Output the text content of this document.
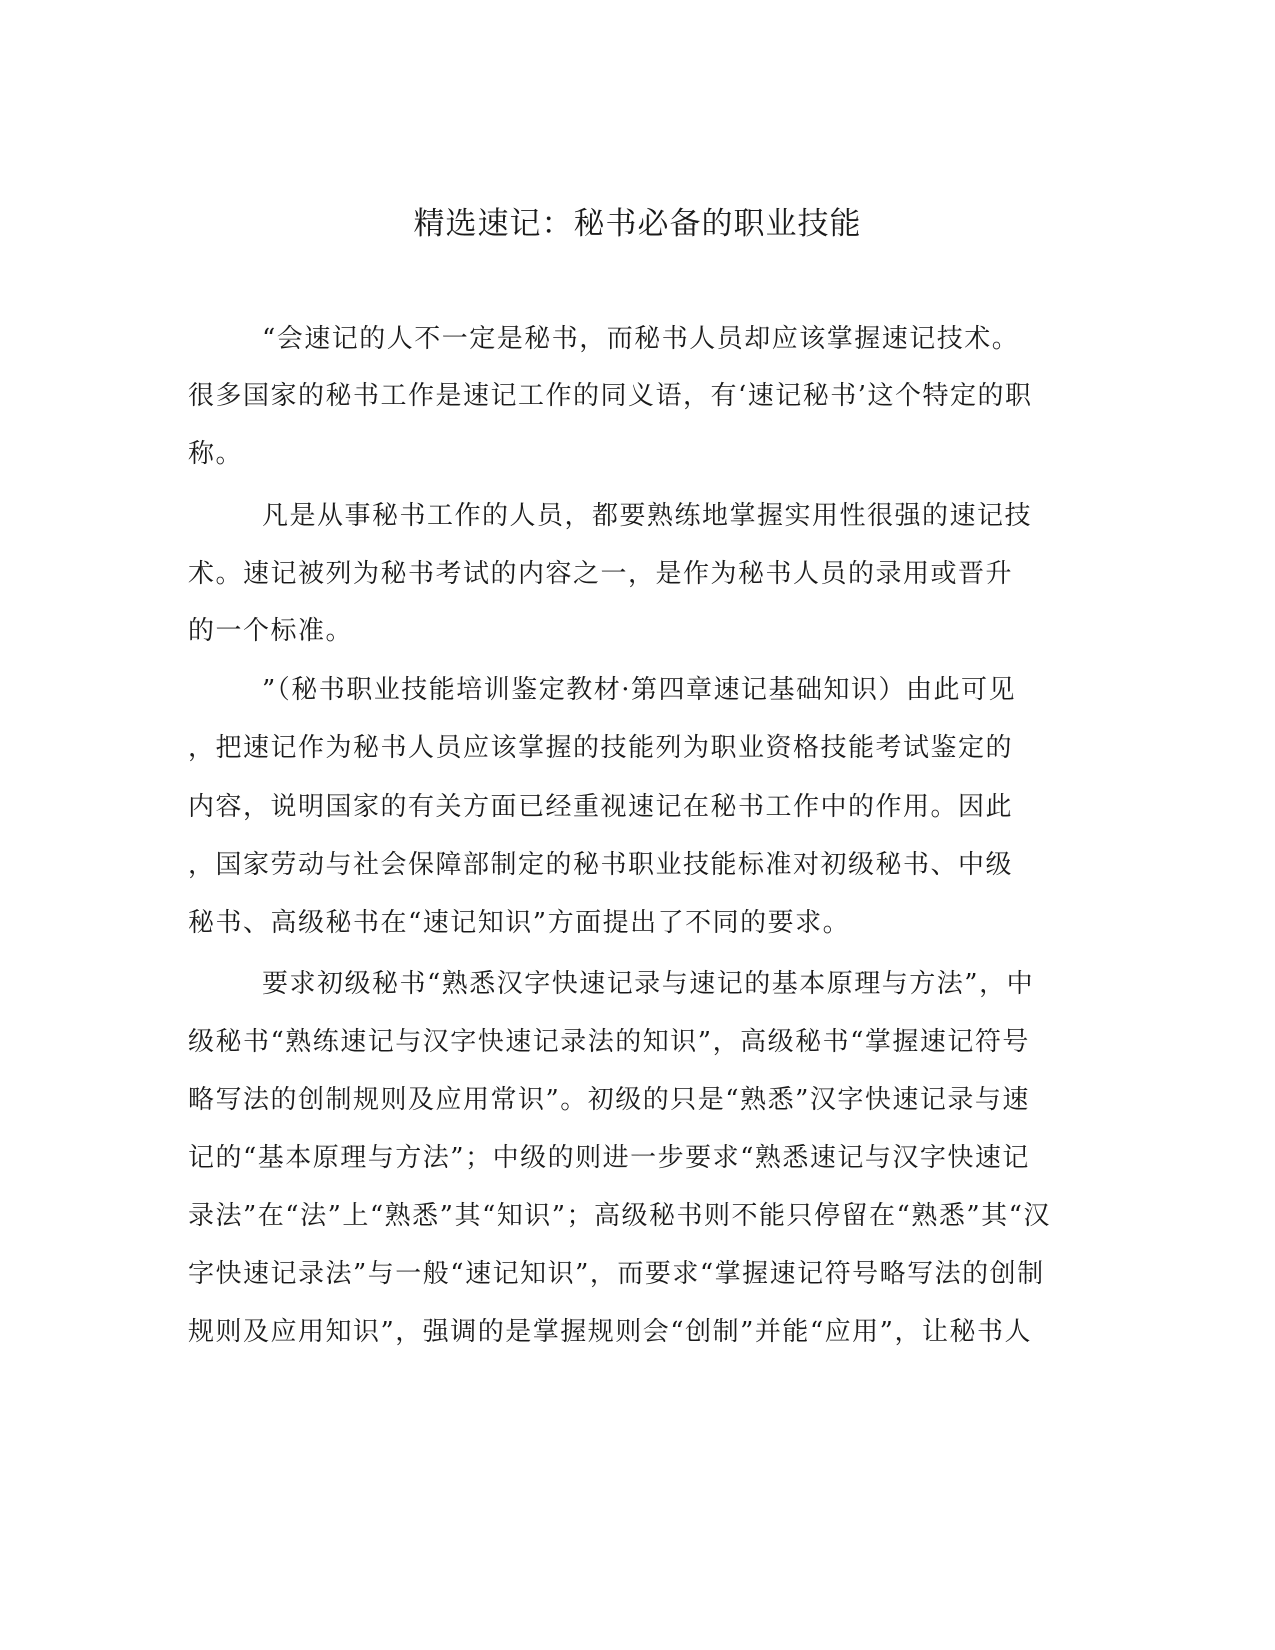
精选速记：秘书必备的职业技能
“会速记的人不一定是秘书，而秘书人员却应该掌握速记技术。
很多国家的秘书工作是速记工作的同义语，有‘速记秘书’这个特定的职
称。
凡是从事秘书工作的人员，都要熟练地掌握实用性很强的速记技
术。速记被列为秘书考试的内容之一，是作为秘书人员的录用或晋升
的一个标准。
”（秘书职业技能培训鉴定教材·第四章速记基础知识）由此可见
，把速记作为秘书人员应该掌握的技能列为职业资格技能考试鉴定的
内容，说明国家的有关方面已经重视速记在秘书工作中的作用。因此
，国家劳动与社会保障部制定的秘书职业技能标准对初级秘书、中级
秘书、高级秘书在“速记知识”方面提出了不同的要求。
要求初级秘书“熟悉汉字快速记录与速记的基本原理与方法”，中
级秘书“熟练速记与汉字快速记录法的知识”，高级秘书“掌握速记符号
略写法的创制规则及应用常识”。初级的只是“熟悉”汉字快速记录与速
记的“基本原理与方法”；中级的则进一步要求“熟悉速记与汉字快速记
录法”在“法”上“熟悉”其“知识”；高级秘书则不能只停留在“熟悉”其“汉
字快速记录法”与一般“速记知识”，而要求“掌握速记符号略写法的创制
规则及应用知识”，强调的是掌握规则会“创制”并能“应用”，让秘书人
